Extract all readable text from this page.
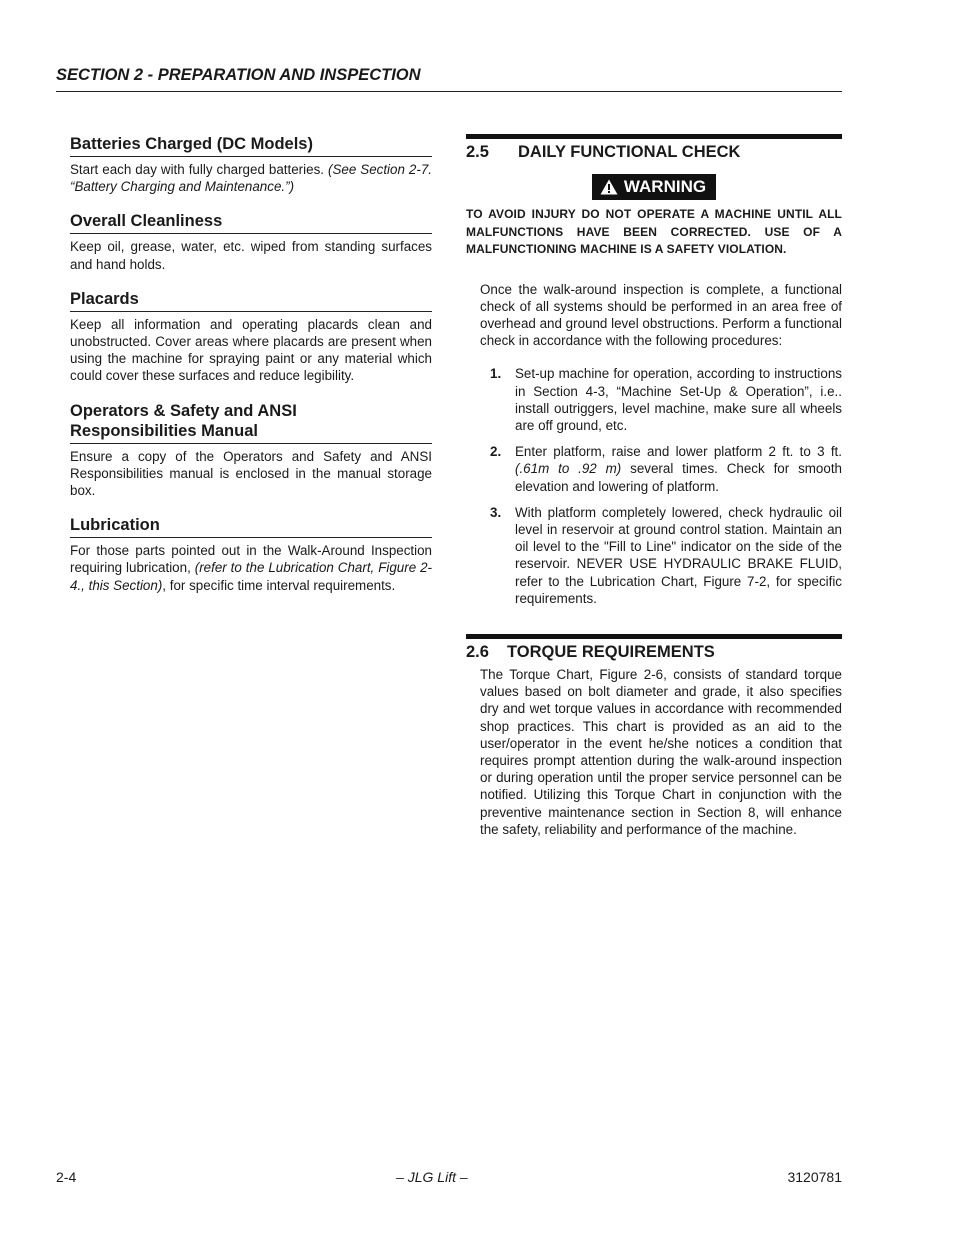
SECTION 2 - PREPARATION AND INSPECTION
Batteries Charged (DC Models)

Start each day with fully charged batteries. (See Section 2-7. “Battery Charging and Maintenance.”)

Overall Cleanliness

Keep oil, grease, water, etc. wiped from standing surfaces and hand holds.

Placards

Keep all information and operating placards clean and unobstructed. Cover areas where placards are present when using the machine for spraying paint or any material which could cover these surfaces and reduce legibility.

Operators & Safety and ANSI
Responsibilities Manual

Ensure a copy of the Operators and Safety and ANSI Responsibilities manual is enclosed in the manual storage box.

Lubrication

For those parts pointed out in the Walk-Around Inspection requiring lubrication, (refer to the Lubrication Chart, Figure 2-4., this Section), for specific time interval requirements.

2.5 DAILY FUNCTIONAL CHECK
WARNING

TO AVOID INJURY DO NOT OPERATE A MACHINE UNTIL ALL MALFUNCTIONS HAVE BEEN CORRECTED. USE OF A MALFUNCTIONING MACHINE IS A SAFETY VIOLATION.

Once the walk-around inspection is complete, a functional check of all systems should be performed in an area free of overhead and ground level obstructions. Perform a functional check in accordance with the following procedures:

1.	Set-up machine for operation, according to instructions in Section 4-3, “Machine Set-Up & Operation”, i.e.. install outriggers, level machine, make sure all wheels are off ground, etc.
2.	Enter platform, raise and lower platform 2 ft. to 3 ft. (.61m to .92 m) several times. Check for smooth elevation and lowering of platform.
3.	With platform completely lowered, check hydraulic oil level in reservoir at ground control station. Maintain an oil level to the "Fill to Line" indicator on the side of the reservoir. NEVER USE HYDRAULIC BRAKE FLUID, refer to the Lubrication Chart, Figure 7-2, for specific requirements.
2.6 TORQUE REQUIREMENTS

The Torque Chart, Figure 2-6, consists of standard torque values based on bolt diameter and grade, it also specifies dry and wet torque values in accordance with recommended shop practices. This chart is provided as an aid to the user/operator in the event he/she notices a condition that requires prompt attention during the walk-around inspection or during operation until the proper service personnel can be notified. Utilizing this Torque Chart in conjunction with the preventive maintenance section in Section 8, will enhance the safety, reliability and performance of the machine.

2-4	– JLG Lift –	3120781
